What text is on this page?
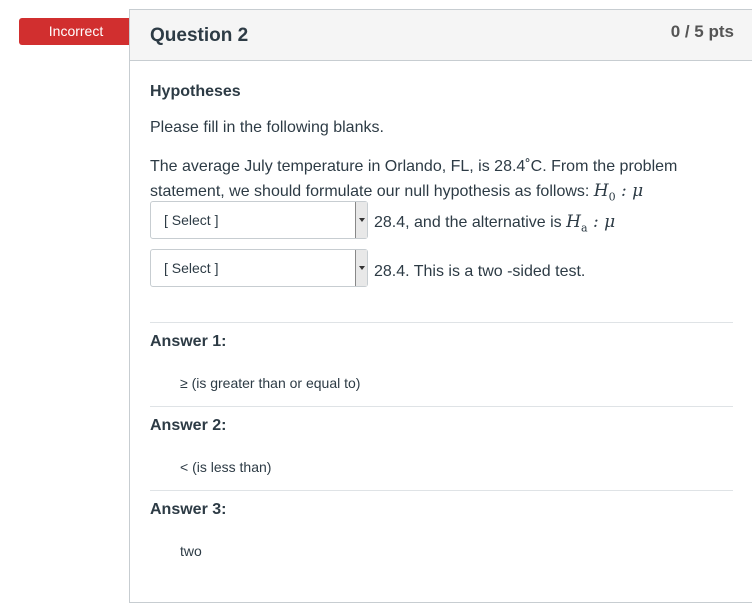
Incorrect	Question 2	0 / 5 pts
Hypotheses
Please fill in the following blanks.
The average July temperature in Orlando, FL, is 28.4˚C. From the problem statement, we should formulate our null hypothesis as follows: $H_0$ : μ
[ Select ]	28.4, and the alternative is $H_a$ : μ
[ Select ]	28.4. This is a two -sided test.
Answer 1:
≥ (is greater than or equal to)
Answer 2:
< (is less than)
Answer 3:
two
